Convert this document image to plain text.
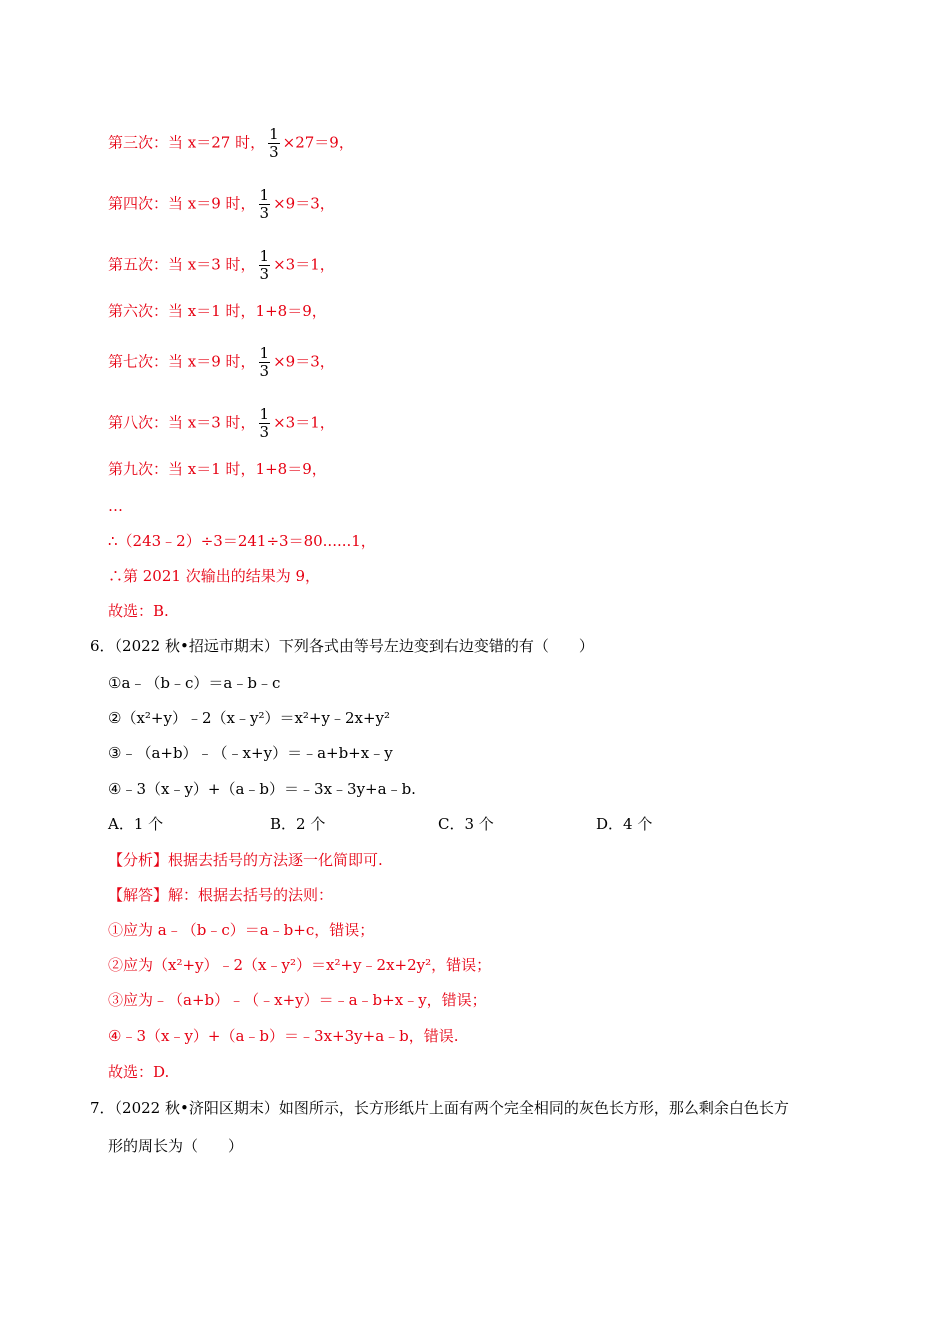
第三次：当 x＝27 时， $\frac{1}{3} \times 27=9$，
第四次：当 x＝9 时， $\frac{1}{3} \times 9=3$，
第五次：当 x＝3 时， $\frac{1}{3} \times 3=1$，
第六次：当 x＝1 时，1+8＝9，
第七次：当 x＝9 时， $\frac{1}{3} \times 9=3$，
第八次：当 x＝3 时， $\frac{1}{3} \times 3=1$，
第九次：当 x＝1 时，1+8＝9，
…
∴（243﹣2）÷3＝241÷3＝80......1，
∴第 2021 次输出的结果为 9，
故选：B.
6．（2022 秋•招远市期末）下列各式由等号左边变到右边变错的有（　　）
①a﹣（b﹣c）＝a﹣b﹣c
②（x²+y）﹣2（x﹣y²）＝x²+y﹣2x+y²
③﹣（a+b）﹣（﹣x+y）＝﹣a+b+x﹣y
④﹣3（x﹣y）+（a﹣b）＝﹣3x﹣3y+a﹣b.
A．1 个	B．2 个	C．3 个	D．4 个
【分析】根据去括号的方法逐一化简即可.
【解答】解：根据去括号的法则：
①应为 a﹣（b﹣c）＝a﹣b+c，错误；
②应为（x²+y）﹣2（x﹣y²）＝x²+y﹣2x+2y²，错误；
③应为﹣（a+b）﹣（﹣x+y）＝﹣a﹣b+x﹣y，错误；
④﹣3（x﹣y）+（a﹣b）＝﹣3x+3y+a﹣b，错误.
故选：D.
7．（2022 秋•济阳区期末）如图所示，长方形纸片上面有两个完全相同的灰色长方形，那么剩余白色长方
形的周长为（　　）
